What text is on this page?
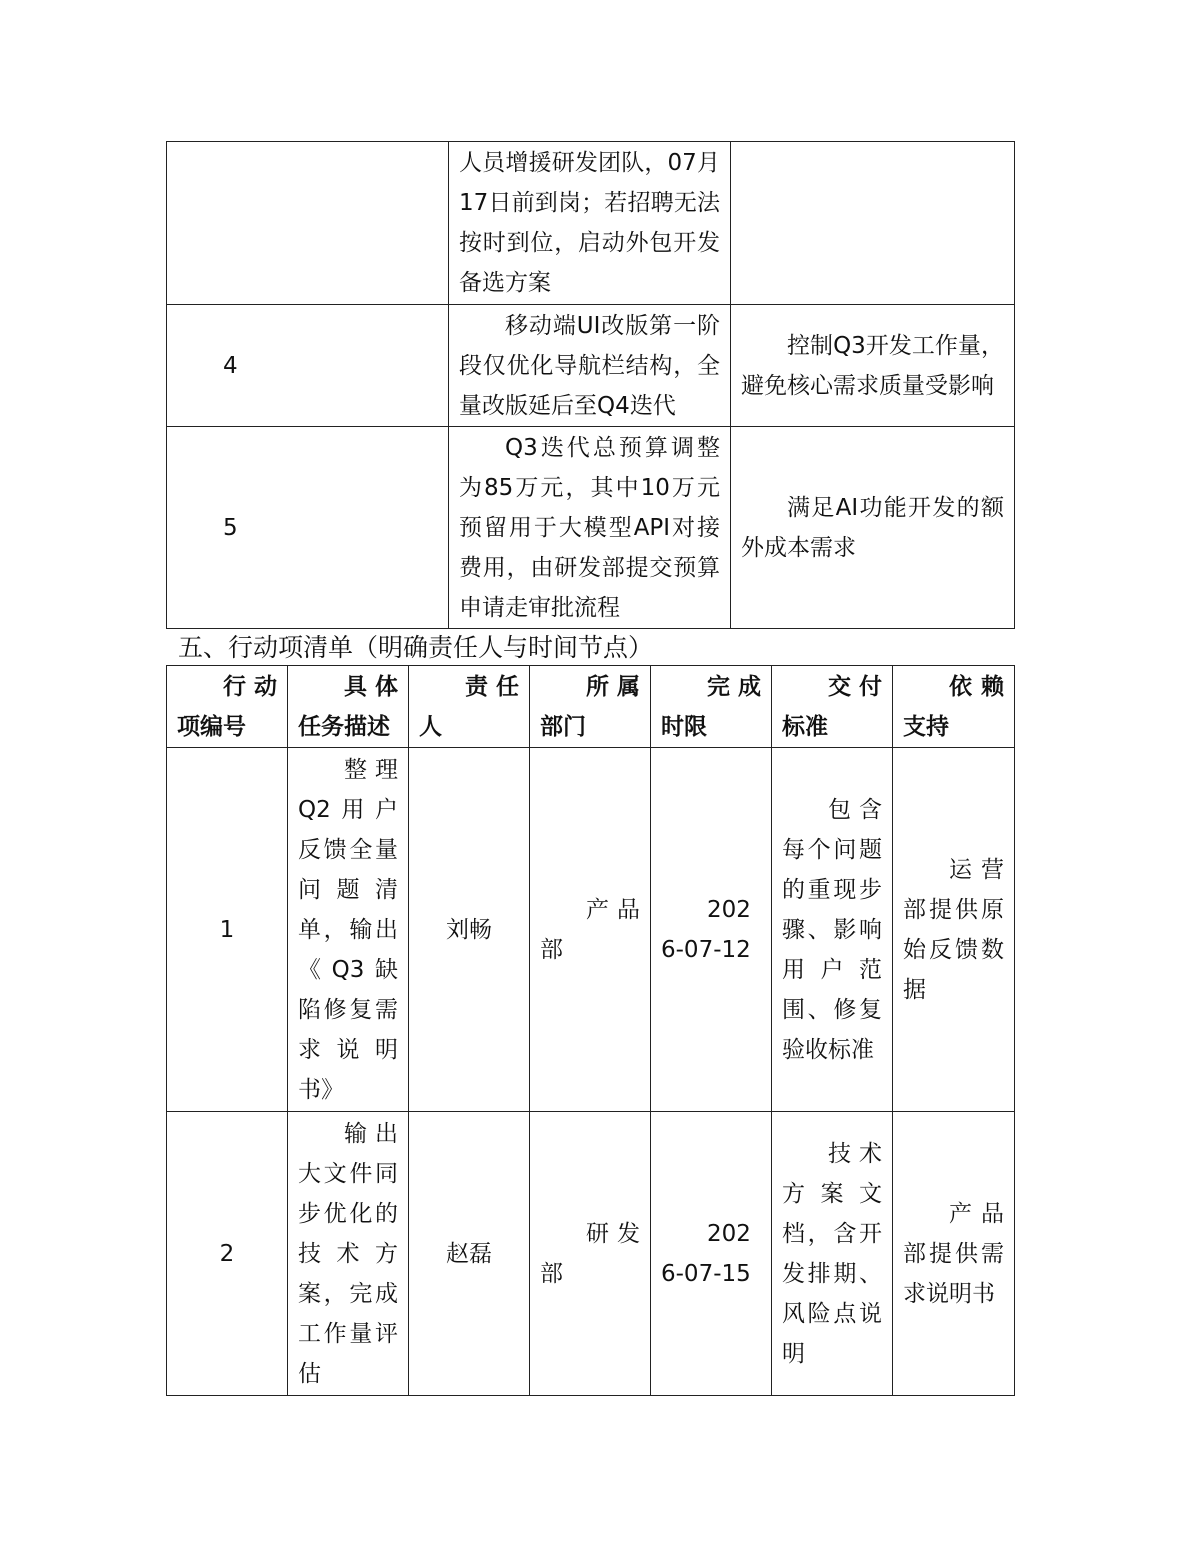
	人员增援研发团队，07月17日前到岗；若招聘无法按时到位，启动外包开发备选方案	
4	移动端UI改版第一阶段仅优化导航栏结构，全量改版延后至Q4迭代	控制Q3开发工作量，避免核心需求质量受影响
5	Q3迭代总预算调整为85万元，其中10万元预留用于大模型API对接费用，由研发部提交预算申请走审批流程	满足AI功能开发的额外成本需求
五、行动项清单（明确责任人与时间节点）
行动项编号	具体任务描述	责任人	所属部门	完成时限	交付标准	依赖支持
1	整理Q2用户反馈全量问题清单，输出《Q3缺陷修复需求说明书》	刘畅	产品部	2026-07-12	包含每个问题的重现步骤、影响用户范围、修复验收标准	运营部提供原始反馈数据
2	输出大文件同步优化的技术方案，完成工作量评估	赵磊	研发部	2026-07-15	技术方案文档，含开发排期、风险点说明	产品部提供需求说明书
